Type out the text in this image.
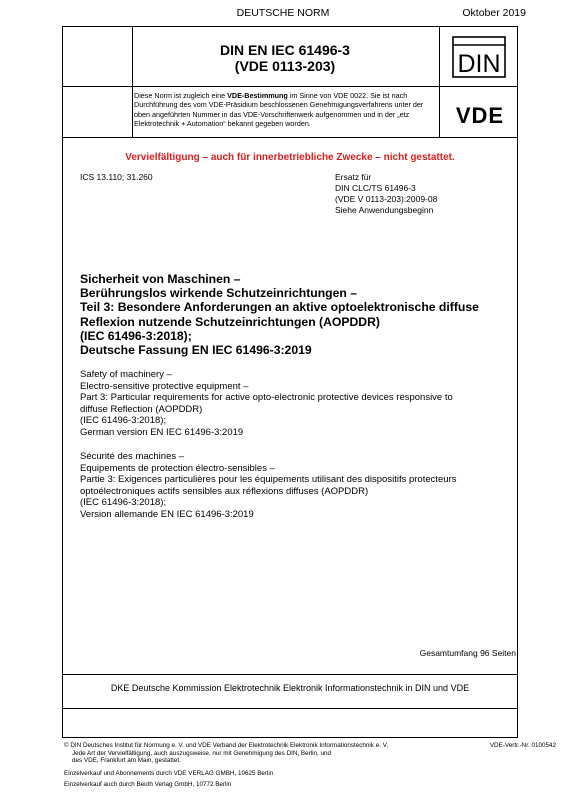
DEUTSCHE NORM	Oktober 2019
DIN EN IEC 61496-3
(VDE 0113-203)	DIN
Diese Norm ist zugleich eine VDE-Bestimmung im Sinne von VDE 0022. Sie ist nach Durchführung des vom VDE-Präsidium beschlossenen Genehmigungsverfahrens unter der oben angeführten Nummer in das VDE-Vorschriftenwerk aufgenommen und in der „etz Elektrotechnik + Automation“ bekannt gegeben worden.	VDE
Vervielfältigung – auch für innerbetriebliche Zwecke – nicht gestattet.
ICS 13.110; 31.260	Ersatz für
DIN CLC/TS 61496-3
(VDE V 0113-203):2009-08
Siehe Anwendungsbeginn
Sicherheit von Maschinen –
Berührungslos wirkende Schutzeinrichtungen –
Teil 3: Besondere Anforderungen an aktive optoelektronische diffuse
Reflexion nutzende Schutzeinrichtungen (AOPDDR)
(IEC 61496-3:2018);
Deutsche Fassung EN IEC 61496-3:2019
Safety of machinery –
Electro-sensitive protective equipment –
Part 3: Particular requirements for active opto-electronic protective devices responsive to
diffuse Reflection (AOPDDR)
(IEC 61496-3:2018);
German version EN IEC 61496-3:2019
Sécurité des machines –
Equipements de protection électro-sensibles –
Partie 3: Exigences particulières pour les équipements utilisant des dispositifs protecteurs
optoélectroniques actifs sensibles aux réflexions diffuses (AOPDDR)
(IEC 61496-3:2018);
Version allemande EN IEC 61496-3:2019
Gesamtumfang 96 Seiten
DKE Deutsche Kommission Elektrotechnik Elektronik Informationstechnik in DIN und VDE
© DIN Deutsches Institut für Normung e. V. und VDE Verband der Elektrotechnik Elektronik Informationstechnik e. V.
Jede Art der Vervielfältigung, auch auszugsweise, nur mit Genehmigung des DIN, Berlin, und
des VDE, Frankfurt am Main, gestattet.
VDE-Vertr.-Nr. 0100542
Einzelverkauf und Abonnements durch VDE VERLAG GMBH, 10625 Berlin
Einzelverkauf auch durch Beuth Verlag GmbH, 10772 Berlin
